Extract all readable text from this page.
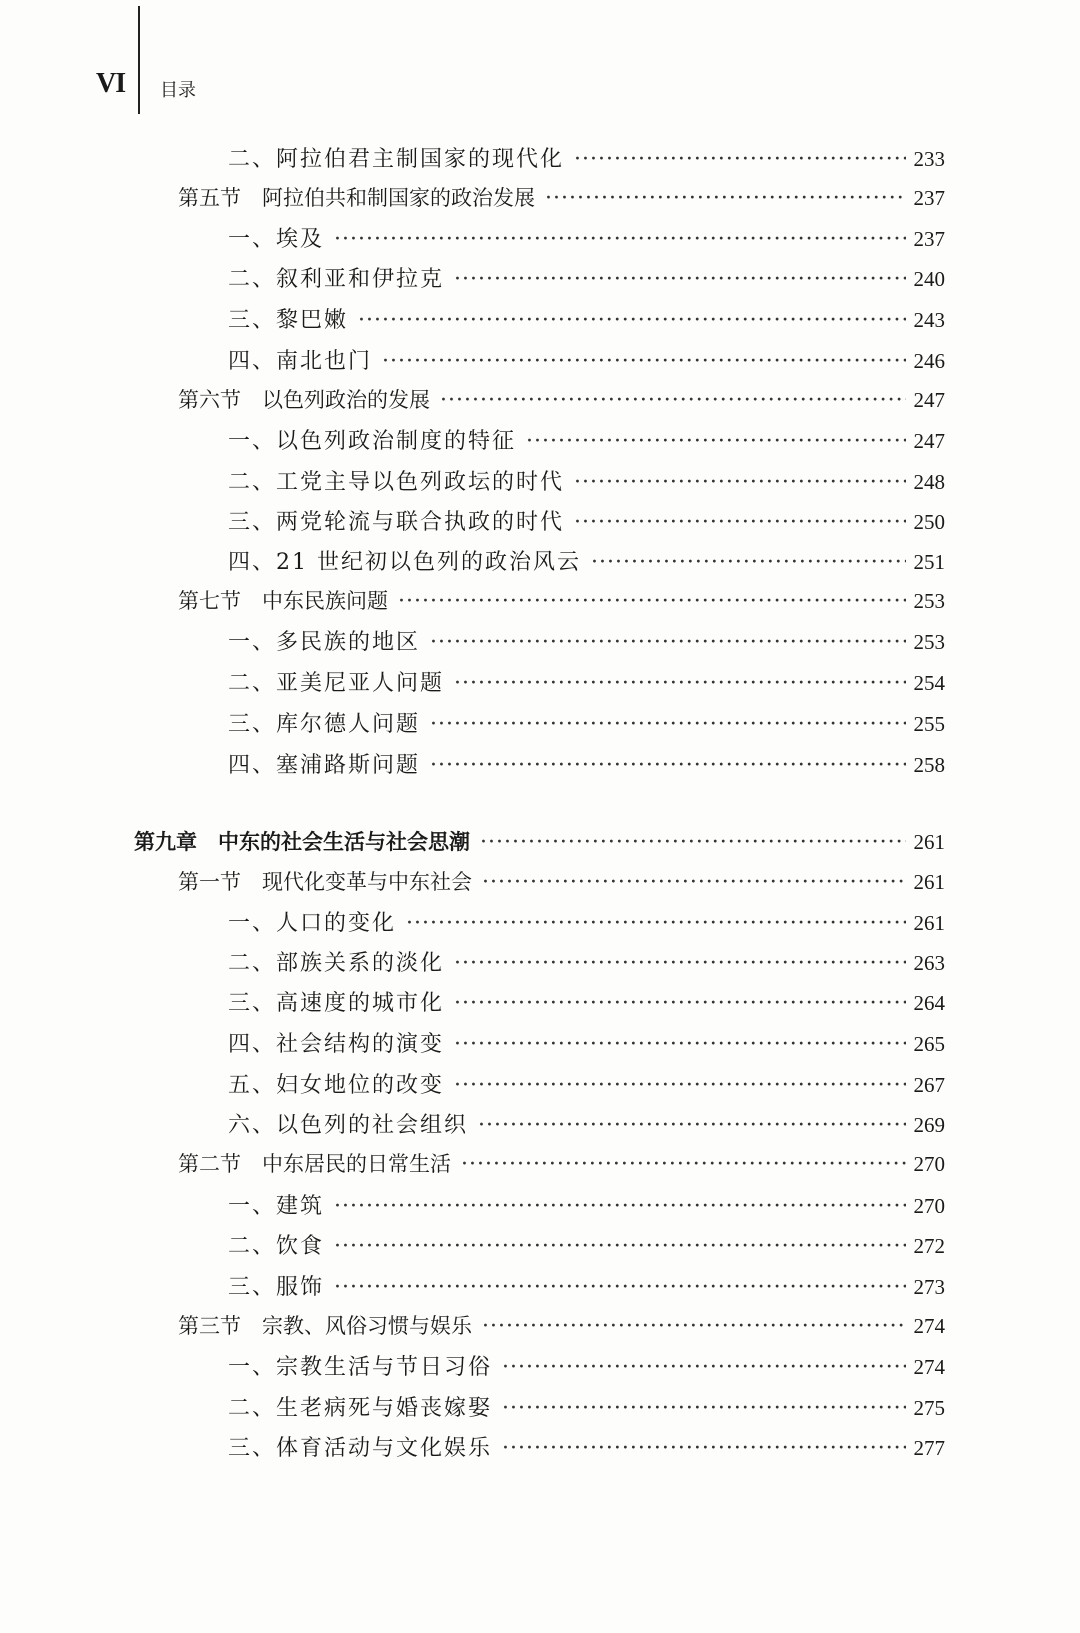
VI 目录
二、阿拉伯君主制国家的现代化 ·····	233
第五节　阿拉伯共和制国家的政治发展 ·····	237
一、埃及 ·····	237
二、叙利亚和伊拉克 ·····	240
三、黎巴嫩 ·····	243
四、南北也门 ·····	246
第六节　以色列政治的发展 ·····	247
一、以色列政治制度的特征 ·····	247
二、工党主导以色列政坛的时代 ·····	248
三、两党轮流与联合执政的时代 ·····	250
四、21 世纪初以色列的政治风云 ·····	251
第七节　中东民族问题 ·····	253
一、多民族的地区 ·····	253
二、亚美尼亚人问题 ·····	254
三、库尔德人问题 ·····	255
四、塞浦路斯问题 ·····	258
第九章　中东的社会生活与社会思潮 ·····	261
第一节　现代化变革与中东社会 ·····	261
一、人口的变化 ·····	261
二、部族关系的淡化 ·····	263
三、高速度的城市化 ·····	264
四、社会结构的演变 ·····	265
五、妇女地位的改变 ·····	267
六、以色列的社会组织 ·····	269
第二节　中东居民的日常生活 ·····	270
一、建筑 ·····	270
二、饮食 ·····	272
三、服饰 ·····	273
第三节　宗教、风俗习惯与娱乐 ·····	274
一、宗教生活与节日习俗 ·····	274
二、生老病死与婚丧嫁娶 ·····	275
三、体育活动与文化娱乐 ·····	277
